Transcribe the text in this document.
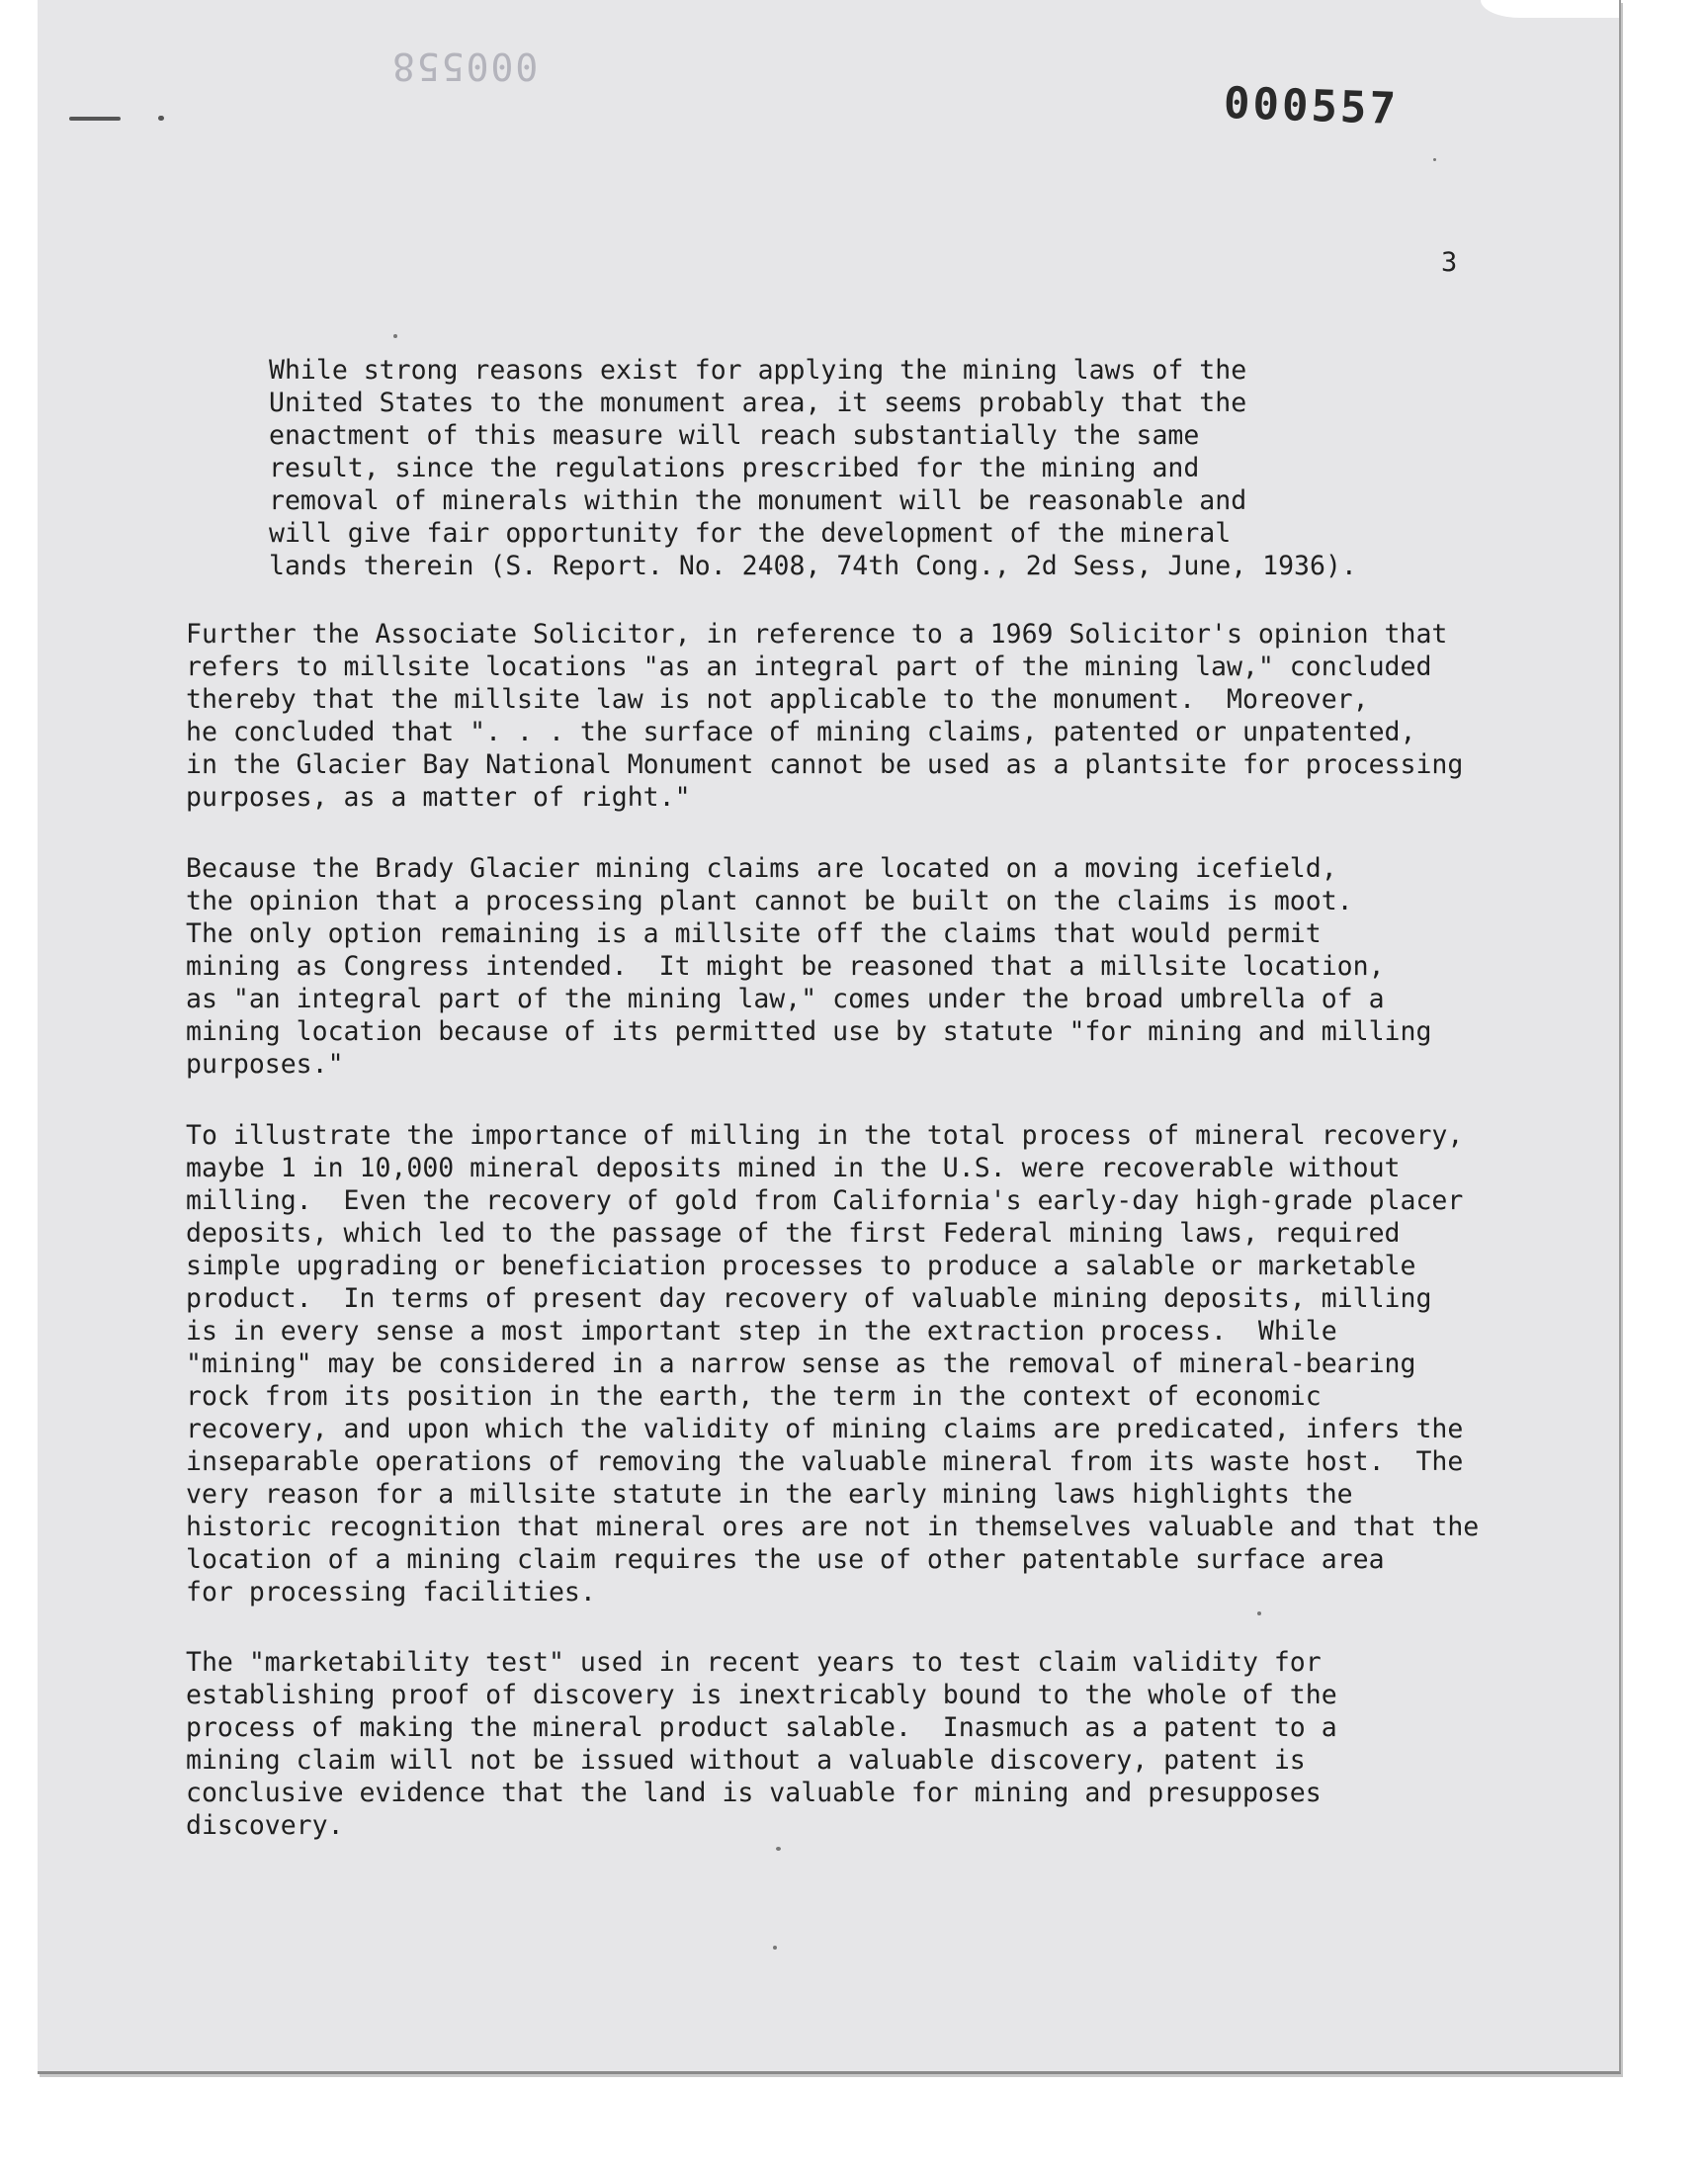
000558
000557
3

While strong reasons exist for applying the mining laws of the
United States to the monument area, it seems probably that the
enactment of this measure will reach substantially the same
result, since the regulations prescribed for the mining and
removal of minerals within the monument will be reasonable and
will give fair opportunity for the development of the mineral
lands therein (S. Report. No. 2408, 74th Cong., 2d Sess, June, 1936).

Further the Associate Solicitor, in reference to a 1969 Solicitor's opinion that
refers to millsite locations "as an integral part of the mining law," concluded
thereby that the millsite law is not applicable to the monument.  Moreover,
he concluded that ". . . the surface of mining claims, patented or unpatented,
in the Glacier Bay National Monument cannot be used as a plantsite for processing
purposes, as a matter of right."

Because the Brady Glacier mining claims are located on a moving icefield,
the opinion that a processing plant cannot be built on the claims is moot.
The only option remaining is a millsite off the claims that would permit
mining as Congress intended.  It might be reasoned that a millsite location,
as "an integral part of the mining law," comes under the broad umbrella of a
mining location because of its permitted use by statute "for mining and milling
purposes."

To illustrate the importance of milling in the total process of mineral recovery,
maybe 1 in 10,000 mineral deposits mined in the U.S. were recoverable without
milling.  Even the recovery of gold from California's early-day high-grade placer
deposits, which led to the passage of the first Federal mining laws, required
simple upgrading or beneficiation processes to produce a salable or marketable
product.  In terms of present day recovery of valuable mining deposits, milling
is in every sense a most important step in the extraction process.  While
"mining" may be considered in a narrow sense as the removal of mineral-bearing
rock from its position in the earth, the term in the context of economic
recovery, and upon which the validity of mining claims are predicated, infers the
inseparable operations of removing the valuable mineral from its waste host.  The
very reason for a millsite statute in the early mining laws highlights the
historic recognition that mineral ores are not in themselves valuable and that the
location of a mining claim requires the use of other patentable surface area
for processing facilities.

The "marketability test" used in recent years to test claim validity for
establishing proof of discovery is inextricably bound to the whole of the
process of making the mineral product salable.  Inasmuch as a patent to a
mining claim will not be issued without a valuable discovery, patent is
conclusive evidence that the land is valuable for mining and presupposes
discovery.
